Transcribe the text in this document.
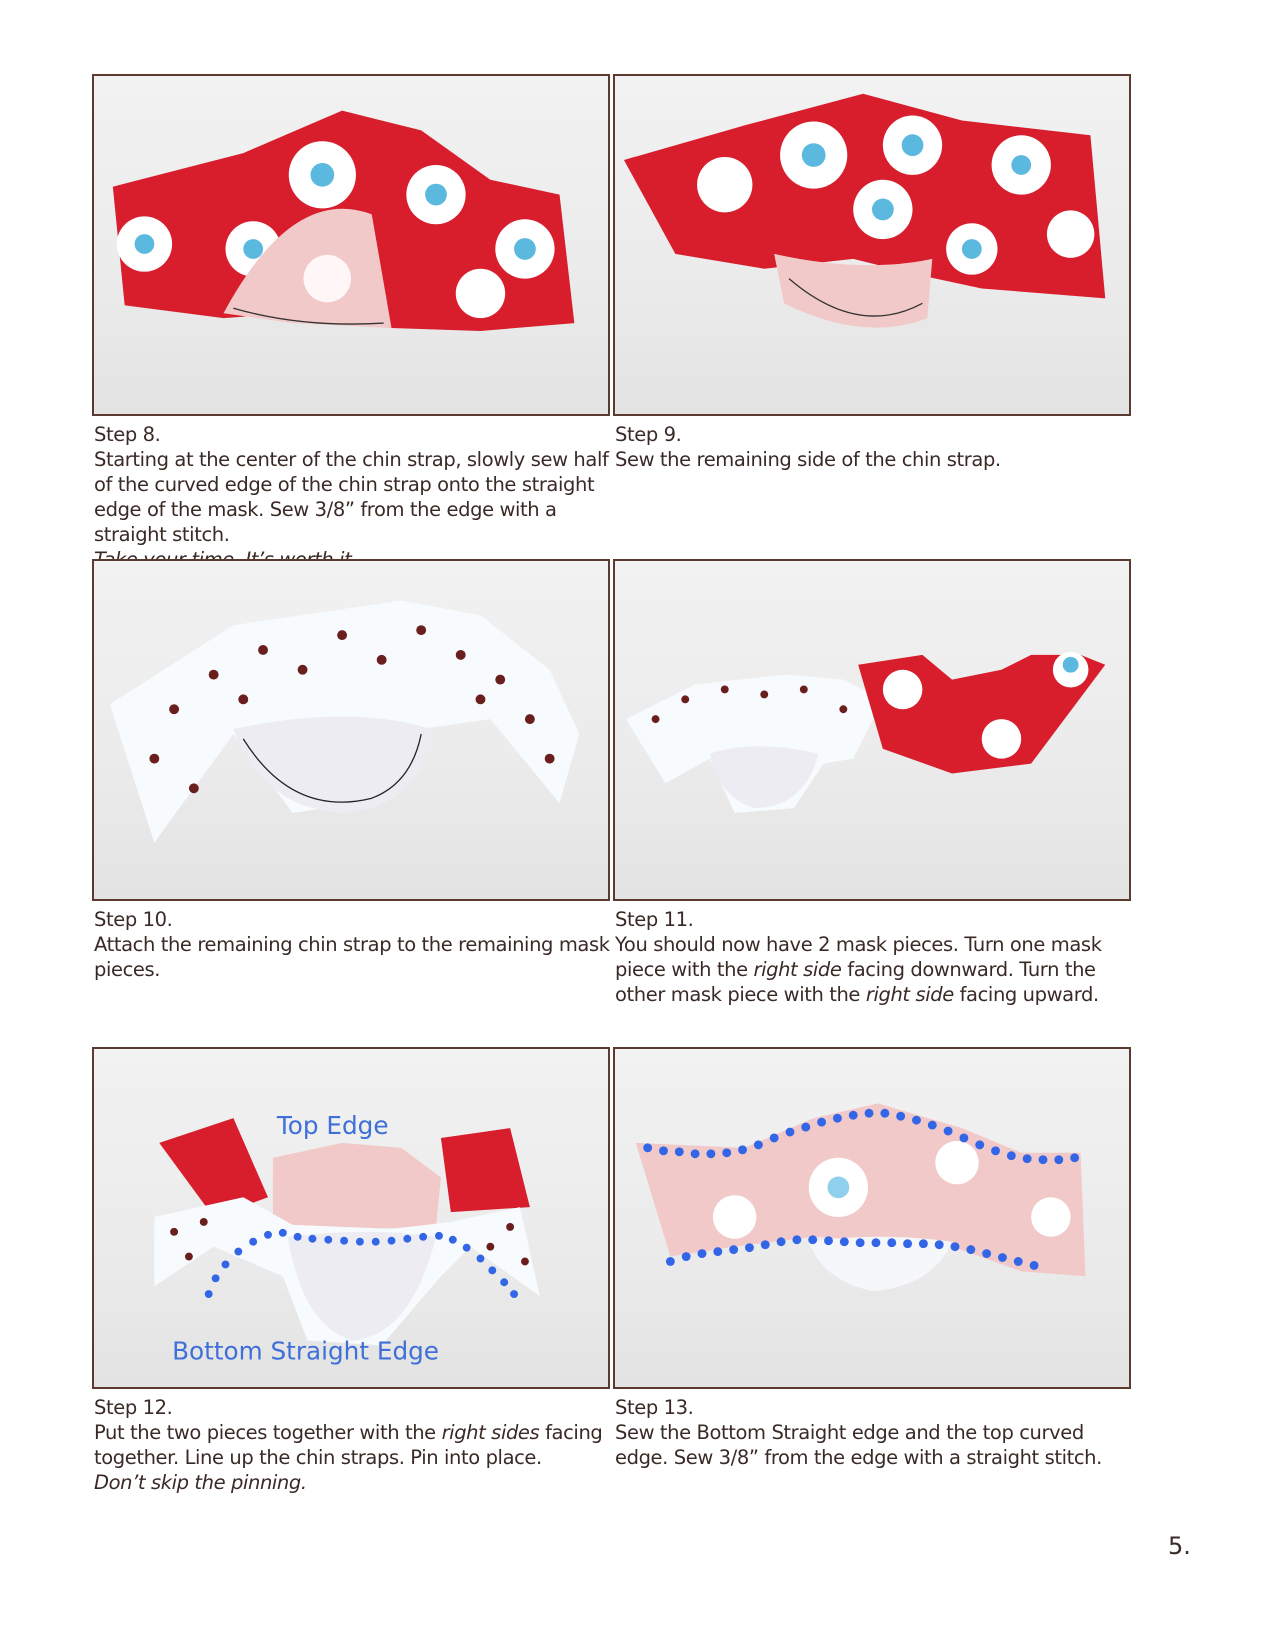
Step 8.

Starting at the center of the chin strap, slowly sew half of the curved edge of the chin strap onto the straight edge of the mask. Sew 3/8” from the edge with a straight stitch.

Step 9.

Sew the remaining side of the chin strap.

Step 10.

Attach the remaining chin strap to the remaining mask pieces.

Step 11.

You should now have 2 mask pieces. Turn one mask piece with the right side facing downward. Turn the other mask piece with the right side facing upward.

Top Edge
Bottom Straight Edge

Step 12.

Put the two pieces together with the right sides facing together. Line up the chin straps. Pin into place.

Don’t skip the pinning.

Step 13.

Sew the Bottom Straight edge and the top curved edge. Sew 3/8” from the edge with a straight stitch.

5.
